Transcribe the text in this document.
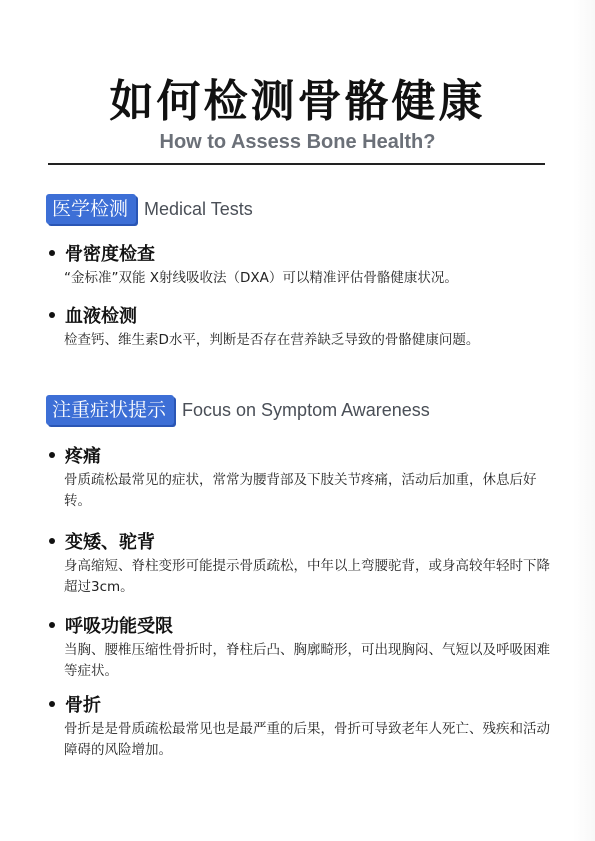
如何检测骨骼健康
How to Assess Bone Health?
医学检测 Medical Tests
骨密度检查
“金标准”双能 X射线吸收法（DXA）可以精准评估骨骼健康状况。
血液检测
检查钙、维生素D水平，判断是否存在营养缺乏导致的骨骼健康问题。
注重症状提示 Focus on Symptom Awareness
疼痛
骨质疏松最常见的症状，常常为腰背部及下肢关节疼痛，活动后加重，休息后好转。
变矮、驼背
身高缩短、脊柱变形可能提示骨质疏松，中年以上弯腰驼背，或身高较年轻时下降超过3cm。
呼吸功能受限
当胸、腰椎压缩性骨折时，脊柱后凸、胸廓畸形，可出现胸闷、气短以及呼吸困难等症状。
骨折
骨折是是骨质疏松最常见也是最严重的后果，骨折可导致老年人死亡、残疾和活动障碍的风险增加。
